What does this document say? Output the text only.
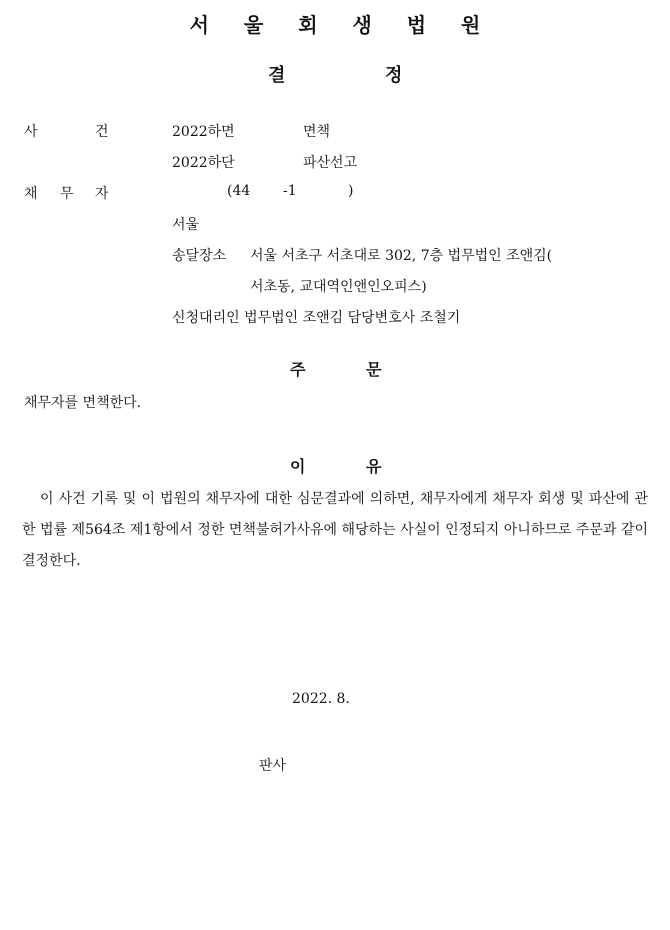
서 울 회 생 법 원
결	정
사	건	2022하면	면책
2022하단	파산선고
채 무 자	(44 -1	)
서울
송달장소 서울 서초구 서초대로 302, 7층 법무법인 조앤김(
서초동, 교대역인앤인오피스)
신청대리인 법무법인 조앤김 담당변호사 조철기
주	문
채무자를 면책한다.
이	유
이 사건 기록 및 이 법원의 채무자에 대한 심문결과에 의하면, 채무자에게 채무자 회생 및 파산에 관한 법률 제564조 제1항에서 정한 면책불허가사유에 해당하는 사실이 인정되지 아니하므로 주문과 같이 결정한다.
2022. 8.
판사
